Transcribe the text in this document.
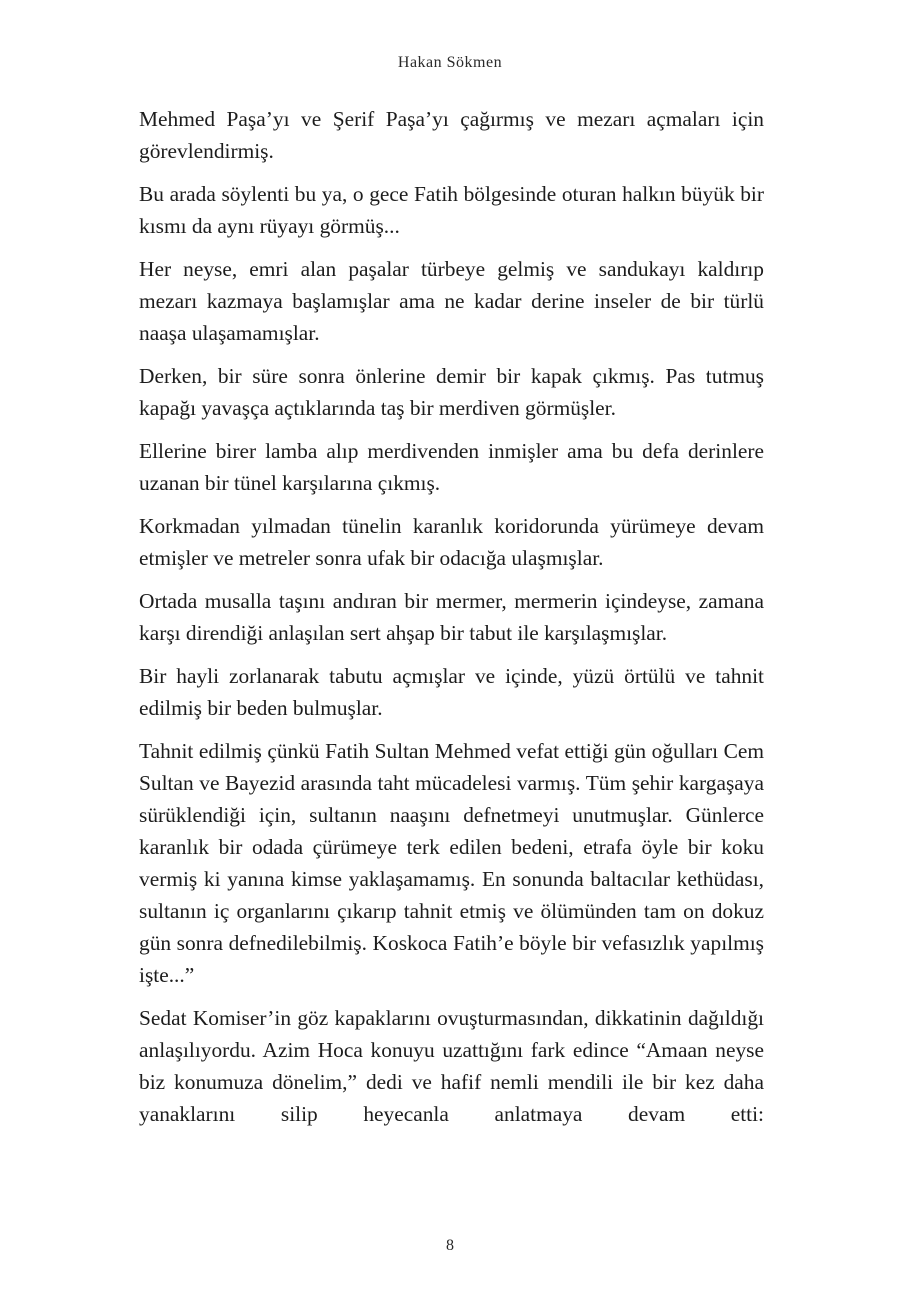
Hakan Sökmen

Mehmed Paşa’yı ve Şerif Paşa’yı çağırmış ve mezarı açmaları için görevlendirmiş.

Bu arada söylenti bu ya, o gece Fatih bölgesinde oturan halkın büyük bir kısmı da aynı rüyayı görmüş...

Her neyse, emri alan paşalar türbeye gelmiş ve sandukayı kaldırıp mezarı kazmaya başlamışlar ama ne kadar derine inseler de bir türlü naaşa ulaşamamışlar.

Derken, bir süre sonra önlerine demir bir kapak çıkmış. Pas tutmuş kapağı yavaşça açtıklarında taş bir merdiven görmüşler.

Ellerine birer lamba alıp merdivenden inmişler ama bu defa derinlere uzanan bir tünel karşılarına çıkmış.

Korkmadan yılmadan tünelin karanlık koridorunda yürümeye devam etmişler ve metreler sonra ufak bir odacığa ulaşmışlar.

Ortada musalla taşını andıran bir mermer, mermerin içindeyse, zamana karşı direndiği anlaşılan sert ahşap bir tabut ile karşılaşmışlar.

Bir hayli zorlanarak tabutu açmışlar ve içinde, yüzü örtülü ve tahnit edilmiş bir beden bulmuşlar.

Tahnit edilmiş çünkü Fatih Sultan Mehmed vefat ettiği gün oğulları Cem Sultan ve Bayezid arasında taht mücadelesi varmış. Tüm şehir kargaşaya sürüklendiği için, sultanın naaşını defnetmeyi unutmuşlar. Günlerce karanlık bir odada çürümeye terk edilen bedeni, etrafa öyle bir koku vermiş ki yanına kimse yaklaşamamış. En sonunda baltacılar kethüdası, sultanın iç organlarını çıkarıp tahnit etmiş ve ölümünden tam on dokuz gün sonra defnedilebilmiş. Koskoca Fatih’e böyle bir vefasızlık yapılmış işte...”

Sedat Komiser’in göz kapaklarını ovuşturmasından, dikkatinin dağıldığı anlaşılıyordu. Azim Hoca konuyu uzattığını fark edince “Amaan neyse biz konumuza dönelim,” dedi ve hafif nemli mendili ile bir kez daha yanaklarını silip heyecanla anlatmaya devam etti:

8
